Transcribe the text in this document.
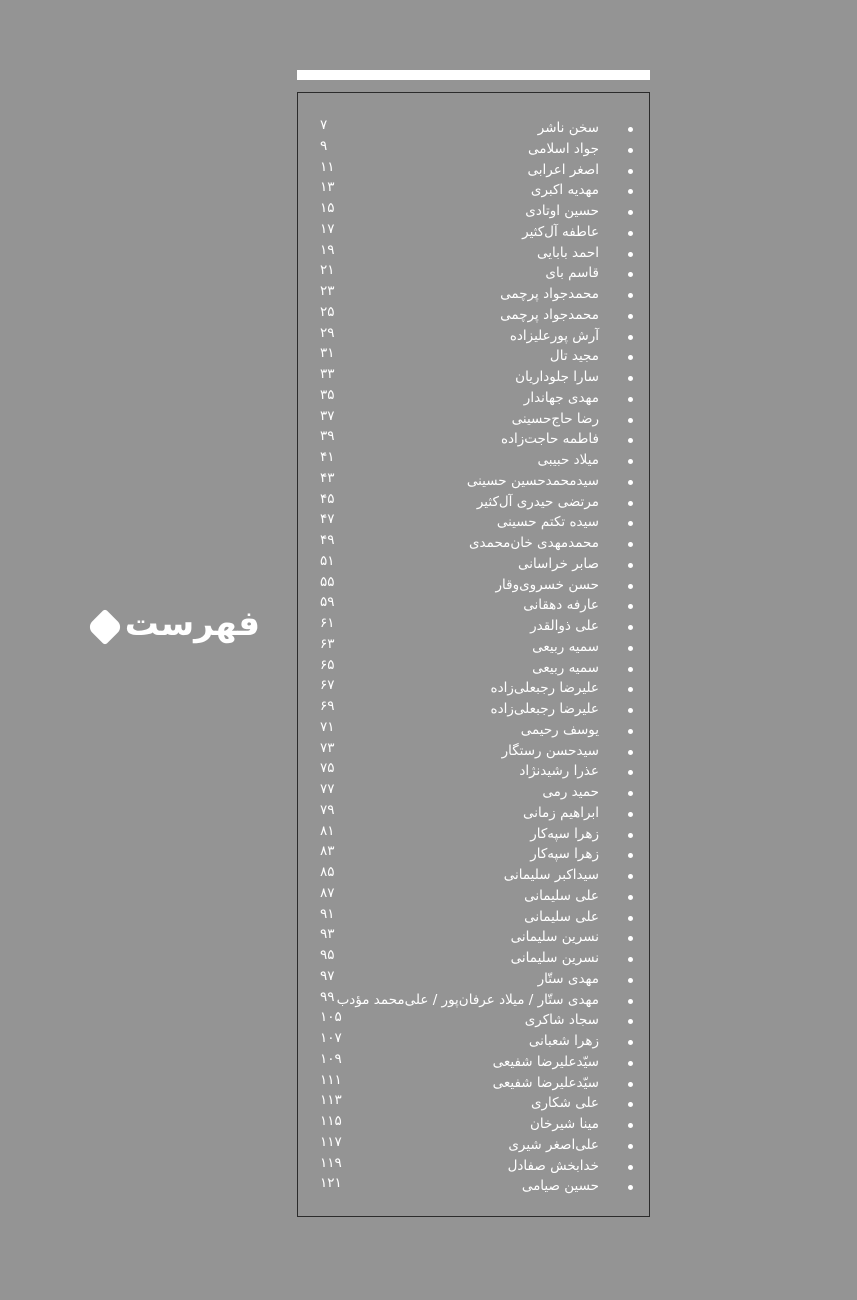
سخن ناشر
۷
جواد اسلامی
۹
اصغر اعرابی
۱۱
مهدیه اکبری
۱۳
حسین اوتادی
۱۵
عاطفه آل‌کثیر
۱۷
احمد بابایی
۱۹
قاسم بای
۲۱
محمدجواد پرچمی
۲۳
محمدجواد پرچمی
۲۵
آرش پورعلیزاده
۲۹
مجید تال
۳۱
سارا جلوداریان
۳۳
مهدی جهاندار
۳۵
رضا حاج‌حسینی
۳۷
فاطمه حاجت‌زاده
۳۹
میلاد حبیبی
۴۱
سیدمحمدحسین حسینی
۴۳
مرتضی حیدری آل‌کثیر
۴۵
سیده تکتم حسینی
۴۷
محمدمهدی خان‌محمدی
۴۹
صابر خراسانی
۵۱
حسن خسروی‌وقار
۵۵
عارفه دهقانی
۵۹
علی ذوالقدر
۶۱
سمیه ربیعی
۶۳
سمیه ربیعی
۶۵
علیرضا رجبعلی‌زاده
۶۷
علیرضا رجبعلی‌زاده
۶۹
یوسف رحیمی
۷۱
سیدحسن رستگار
۷۳
عذرا رشیدنژاد
۷۵
حمید رمی
۷۷
ابراهیم زمانی
۷۹
زهرا سپه‌کار
۸۱
زهرا سپه‌کار
۸۳
سیداکبر سلیمانی
۸۵
علی سلیمانی
۸۷
علی سلیمانی
۹۱
نسرین سلیمانی
۹۳
نسرین سلیمانی
۹۵
مهدی ستّار
۹۷
مهدی ستّار / میلاد عرفان‌پور / علی‌محمد مؤدب
۹۹
سجاد شاکری
۱۰۵
زهرا شعبانی
۱۰۷
سیّدعلیرضا شفیعی
۱۰۹
سیّدعلیرضا شفیعی
۱۱۱
علی شکاری
۱۱۳
مینا شیرخان
۱۱۵
علی‌اصغر شیری
۱۱۷
خدابخش صفادل
۱۱۹
حسین صیامی
۱۲۱
فهرست
